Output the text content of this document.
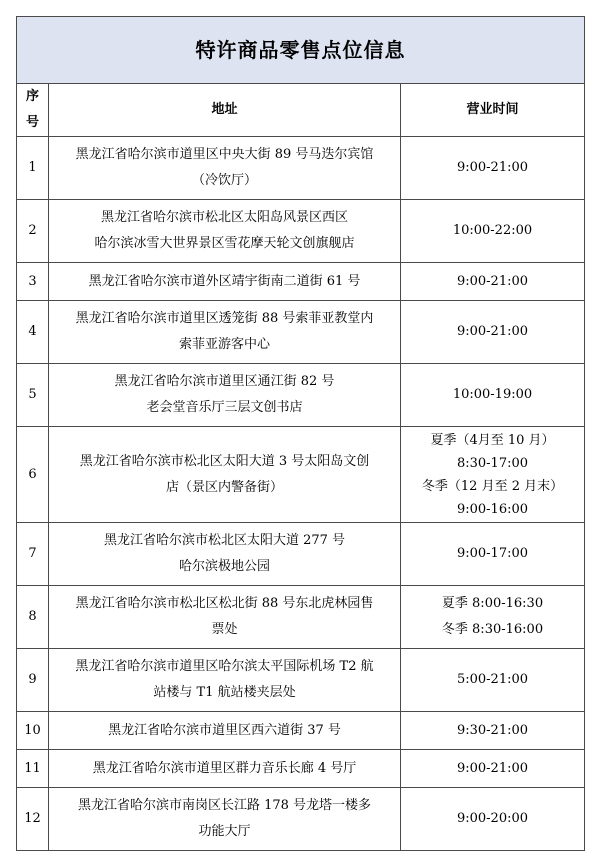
特许商品零售点位信息		
序号	地址	营业时间
1	黑龙江省哈尔滨市道里区中央大街 89 号马迭尔宾馆
（冷饮厅）	9:00-21:00

2	黑龙江省哈尔滨市松北区太阳岛风景区西区
哈尔滨冰雪大世界景区雪花摩天轮文创旗舰店	10:00-22:00

3	黑龙江省哈尔滨市道外区靖宇街南二道街 61 号	9:00-21:00

4	黑龙江省哈尔滨市道里区透笼街 88 号索菲亚教堂内
索菲亚游客中心	9:00-21:00

5	黑龙江省哈尔滨市道里区通江街 82 号
老会堂音乐厅三层文创书店	10:00-19:00

6	黑龙江省哈尔滨市松北区太阳大道 3 号太阳岛文创
店（景区内警备街）	夏季（4月至 10 月）
8:30-17:00
冬季（12 月至 2 月末）
9:00-16:00

7	黑龙江省哈尔滨市松北区太阳大道 277 号
哈尔滨极地公园	9:00-17:00

8	黑龙江省哈尔滨市松北区松北街 88 号东北虎林园售
票处	夏季 8:00-16:30
冬季 8:30-16:00

9	黑龙江省哈尔滨市道里区哈尔滨太平国际机场 T2 航
站楼与 T1 航站楼夹层处	5:00-21:00

10	黑龙江省哈尔滨市道里区西六道街 37 号	9:30-21:00

11	黑龙江省哈尔滨市道里区群力音乐长廊 4 号厅	9:00-21:00

12	黑龙江省哈尔滨市南岗区长江路 178 号龙塔一楼多
功能大厅	9:00-20:00
